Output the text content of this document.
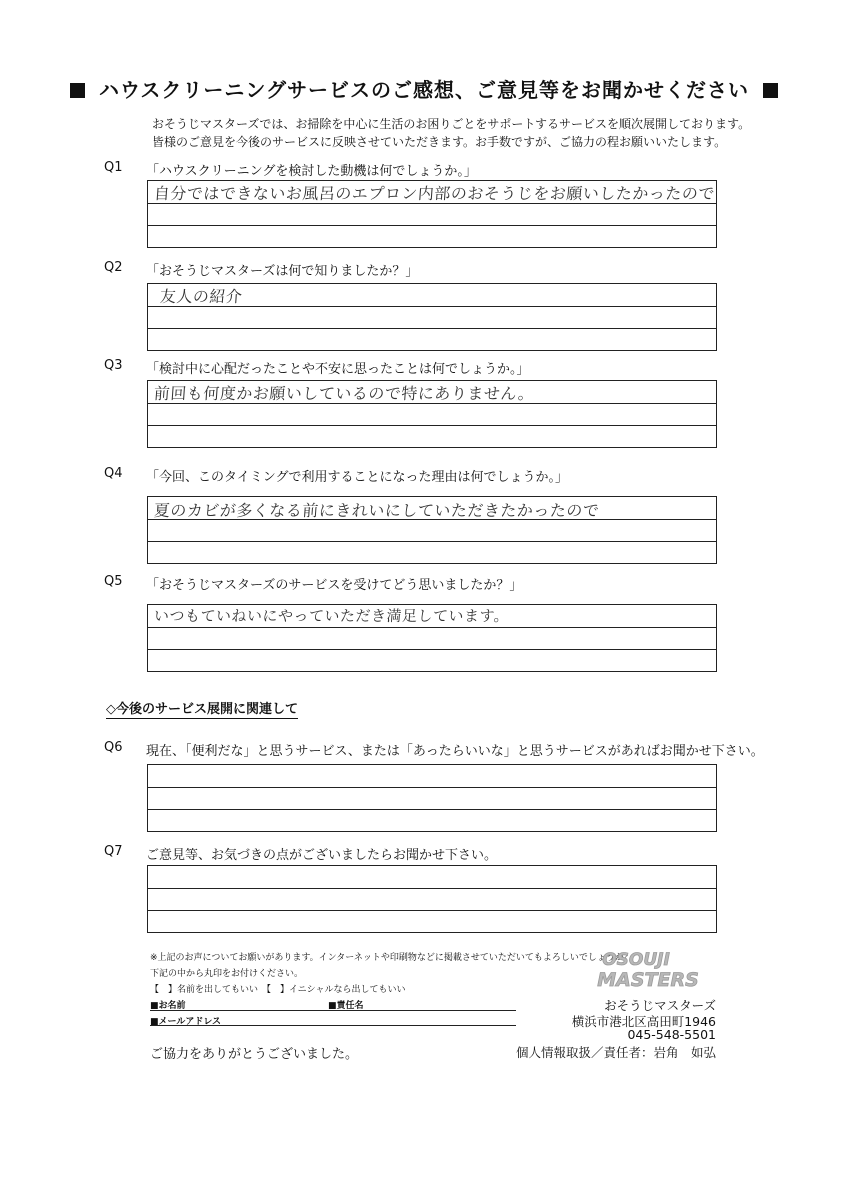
ハウスクリーニングサービスのご感想、ご意見等をお聞かせください
おそうじマスターズでは、お掃除を中心に生活のお困りごとをサポートするサービスを順次展開しております。
皆様のご意見を今後のサービスに反映させていただきます。お手数ですが、ご協力の程お願いいたします。
Q1 「ハウスクリーニングを検討した動機は何でしょうか。」
自分ではできないお風呂のエプロン内部のおそうじをお願いしたかったので
Q2 「おそうじマスターズは何で知りましたか？」
友人の紹介
Q3 「検討中に心配だったことや不安に思ったことは何でしょうか。」
前回も何度かお願いしているので特にありません。
Q4 「今回、このタイミングで利用することになった理由は何でしょうか。」
夏のカビが多くなる前にきれいにしていただきたかったので
Q5 「おそうじマスターズのサービスを受けてどう思いましたか？」
いつもていねいにやっていただき満足しています。
◇今後のサービス展開に関連して
Q6 現在、「便利だな」と思うサービス、または「あったらいいな」と思うサービスがあればお聞かせ下さい。
Q7 ご意見等、お気づきの点がございましたらお聞かせ下さい。
※上記のお声についてお願いがあります。インターネットや印刷物などに掲載させていただいてもよろしいでしょうか？
下記の中から丸印をお付けください。
【　】名前を出してもいい 【　】イニシャルなら出してもいい
■お名前	■責任名
■メールアドレス
OSOUJI
MASTERS
おそうじマスターズ
横浜市港北区高田町1946
045-548-5501
個人情報取扱／責任者：岩角　如弘
ご協力をありがとうございました。
